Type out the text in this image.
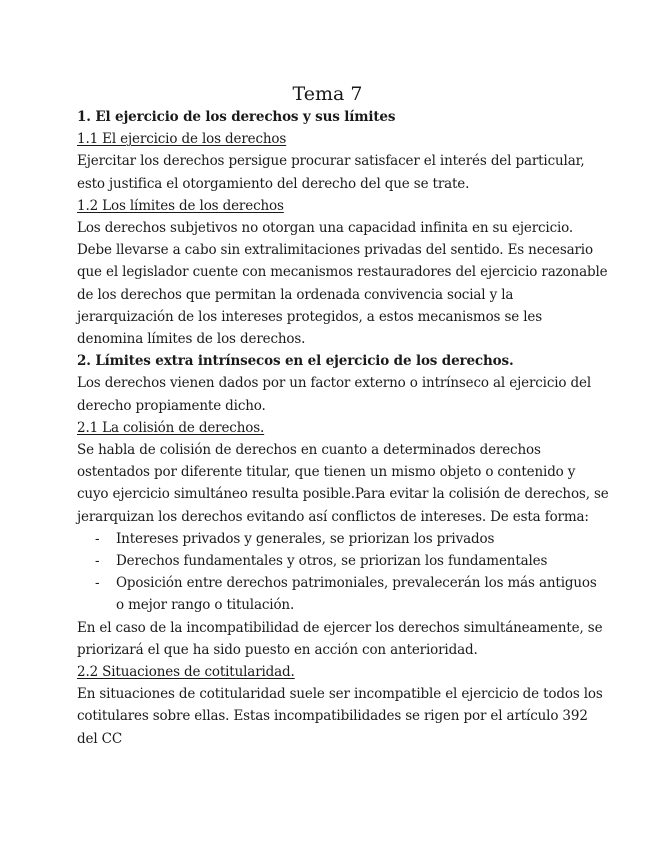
Tema 7

1. El ejercicio de los derechos y sus límites

1.1 El ejercicio de los derechos

Ejercitar los derechos persigue procurar satisfacer el interés del particular,
esto justifica el otorgamiento del derecho del que se trate.

1.2 Los límites de los derechos

Los derechos subjetivos no otorgan una capacidad infinita en su ejercicio.
Debe llevarse a cabo sin extralimitaciones privadas del sentido. Es necesario
que el legislador cuente con mecanismos restauradores del ejercicio razonable
de los derechos que permitan la ordenada convivencia social y la
jerarquización de los intereses protegidos, a estos mecanismos se les
denomina límites de los derechos.

2. Límites extra intrínsecos en el ejercicio de los derechos.

Los derechos vienen dados por un factor externo o intrínseco al ejercicio del
derecho propiamente dicho.

2.1 La colisión de derechos.

Se habla de colisión de derechos en cuanto a determinados derechos
ostentados por diferente titular, que tienen un mismo objeto o contenido y
cuyo ejercicio simultáneo resulta posible.Para evitar la colisión de derechos, se
jerarquizan los derechos evitando así conflictos de intereses. De esta forma:
- Intereses privados y generales, se priorizan los privados
- Derechos fundamentales y otros, se priorizan los fundamentales
- Oposición entre derechos patrimoniales, prevalecerán los más antiguos
o mejor rango o titulación.
En el caso de la incompatibilidad de ejercer los derechos simultáneamente, se
priorizará el que ha sido puesto en acción con anterioridad.

2.2 Situaciones de cotitularidad.

En situaciones de cotitularidad suele ser incompatible el ejercicio de todos los
cotitulares sobre ellas. Estas incompatibilidades se rigen por el artículo 392
del CC
